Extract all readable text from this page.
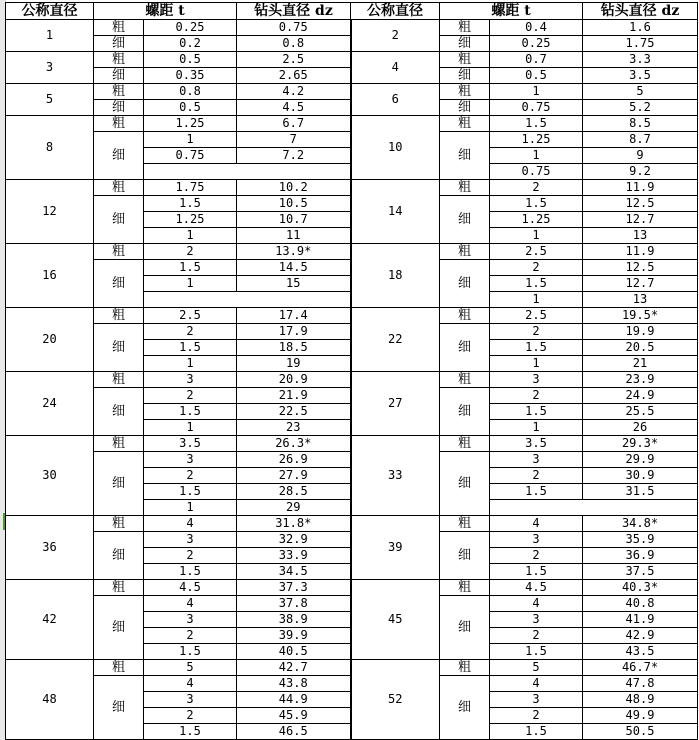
公称直径	螺距 t		钻头直径 dz	公称直径	螺距 t		钻头直径 dz
1	粗	0.25	0.75	2	粗	0.4	1.6
	细	0.2	0.8		细	0.25	1.75
3	粗	0.5	2.5	4	粗	0.7	3.3
	细	0.35	2.65		细	0.5	3.5
5	粗	0.8	4.2	6	粗	1	5
	细	0.5	4.5		细	0.75	5.2
8	粗	1.25	6.7	10	粗	1.5	8.5
	细	1	7		细	1.25	8.7
		0.75	7.2			1	9
						0.75	9.2
12	粗	1.75	10.2	14	粗	2	11.9
	细	1.5	10.5		细	1.5	12.5
		1.25	10.7			1.25	12.7
		1	11			1	13
16	粗	2	13.9*	18	粗	2.5	11.9
	细	1.5	14.5		细	2	12.5
		1	15			1.5	12.7
						1	13
20	粗	2.5	17.4	22	粗	2.5	19.5*
	细	2	17.9		细	2	19.9
		1.5	18.5			1.5	20.5
		1	19			1	21
24	粗	3	20.9	27	粗	3	23.9
	细	2	21.9		细	2	24.9
		1.5	22.5			1.5	25.5
		1	23			1	26
30	粗	3.5	26.3*	33	粗	3.5	29.3*
	细	3	26.9		细	3	29.9
		2	27.9			2	30.9
		1.5	28.5			1.5	31.5
		1	29				
36	粗	4	31.8*	39	粗	4	34.8*
	细	3	32.9		细	3	35.9
		2	33.9			2	36.9
		1.5	34.5			1.5	37.5
42	粗	4.5	37.3	45	粗	4.5	40.3*
	细	4	37.8		细	4	40.8
		3	38.9			3	41.9
		2	39.9			2	42.9
		1.5	40.5			1.5	43.5
48	粗	5	42.7	52	粗	5	46.7*
	细	4	43.8		细	4	47.8
		3	44.9			3	48.9
		2	45.9			2	49.9
		1.5	46.5			1.5	50.5
